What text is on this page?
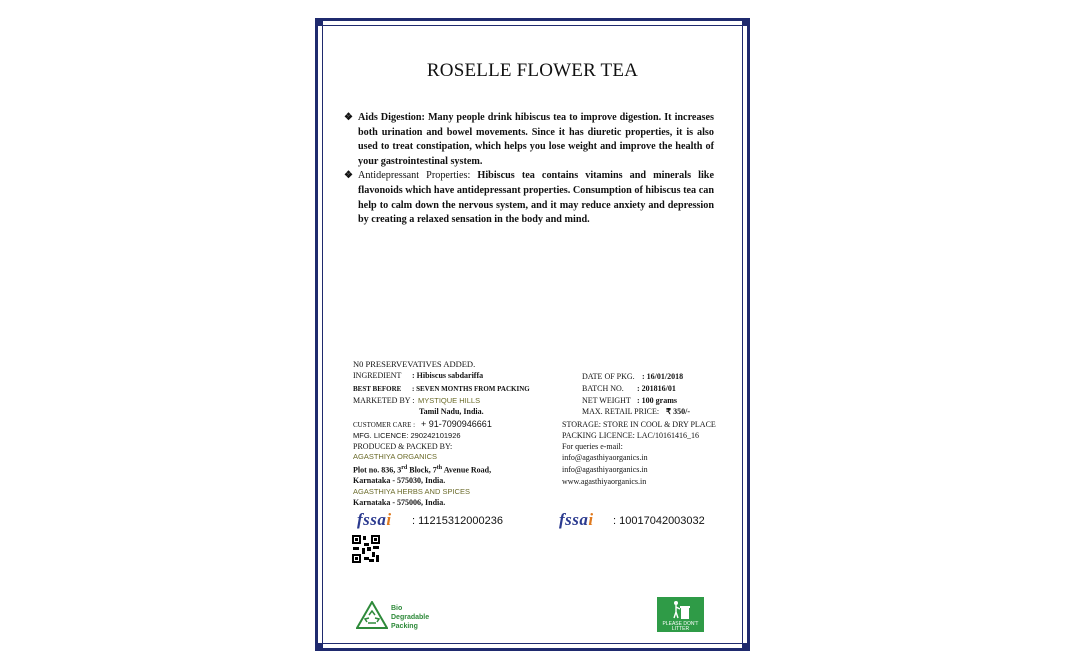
ROSELLE FLOWER TEA
❖ Aids Digestion: Many people drink hibiscus tea to improve digestion. It increases both urination and bowel movements. Since it has diuretic properties, it is also used to treat constipation, which helps you lose weight and improve the health of your gastrointestinal system.
❖ Antidepressant Properties: Hibiscus tea contains vitamins and minerals like flavonoids which have antidepressant properties. Consumption of hibiscus tea can help to calm down the nervous system, and it may reduce anxiety and depression by creating a relaxed sensation in the body and mind.
N0 PRESERVEVATIVES ADDED.
INGREDIENT : Hibiscus sabdariffa
BEST BEFORE : SEVEN MONTHS FROM PACKING
MARKETED BY : MYSTIQUE HILLS
Tamil Nadu, India.
CUSTOMER CARE : + 91-7090946661
MFG. LICENCE: 290242101926
PRODUCED & PACKED BY:
AGASTHIYA ORGANICS
Plot no. 836, 3rd Block, 7th Avenue Road,
Karnataka - 575030, India.
AGASTHIYA HERBS AND SPICES
Karnataka - 575006, India.
DATE OF PKG. : 16/01/2018
BATCH NO. : 201816/01
NET WEIGHT : 100 grams
MAX. RETAIL PRICE: ₹ 350/-
STORAGE: STORE IN COOL & DRY PLACE
PACKING LICENCE: LAC/10161416_16
For queries e-mail:
info@agasthiyaorganics.in
info@agasthiyaorganics.in
www.agasthiyaorganics.in
fssai : 11215312000236	fssai : 10017042003032
Bio
Degradable
Packing	PLEASE DON'T LITTER
